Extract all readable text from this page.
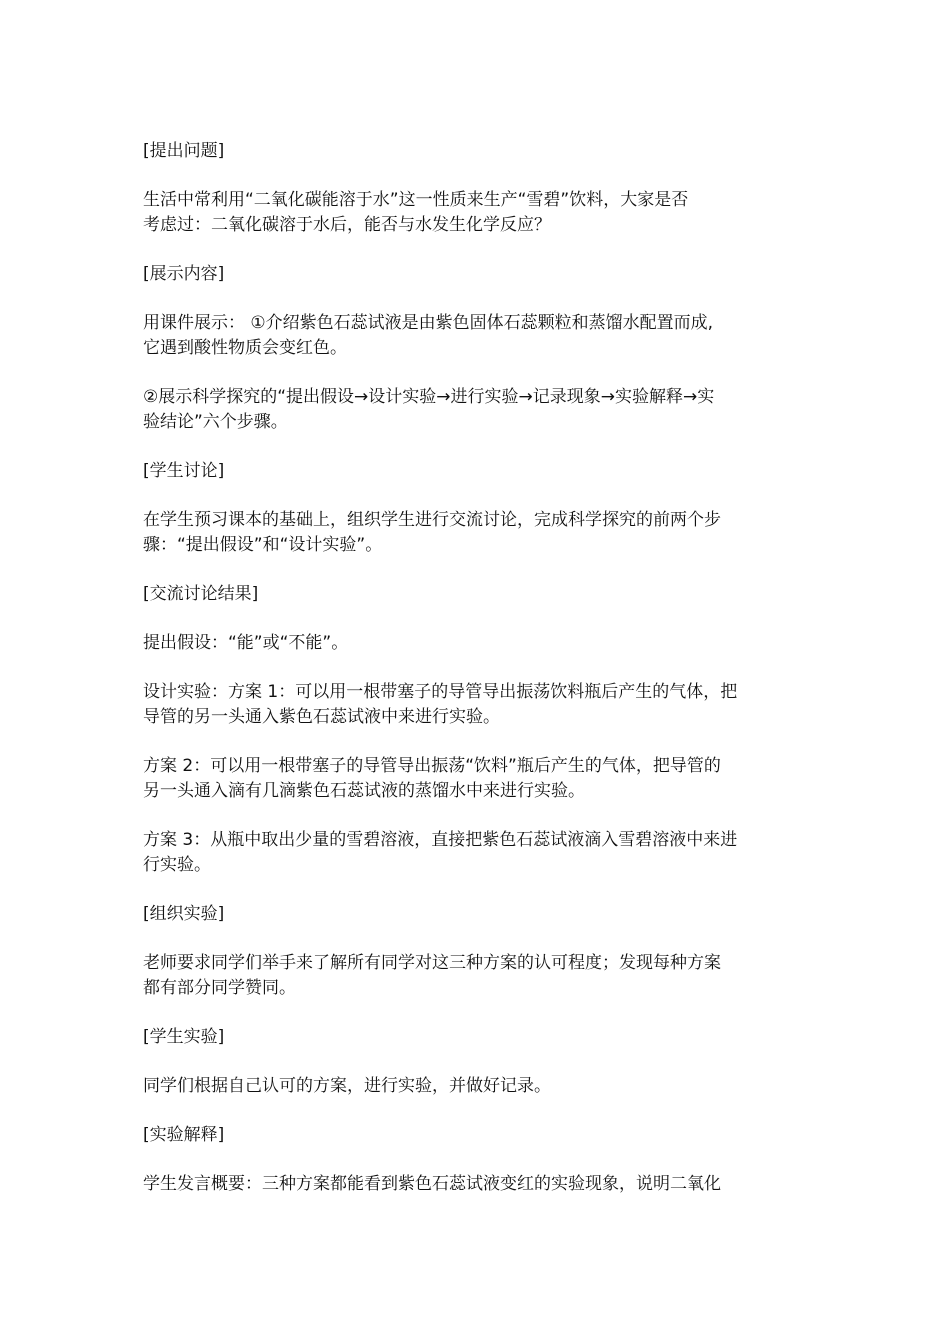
[提出问题]
生活中常利用“二氧化碳能溶于水”这一性质来生产“雪碧”饮料，大家是否
考虑过：二氧化碳溶于水后，能否与水发生化学反应？
[展示内容]
用课件展示： ①介绍紫色石蕊试液是由紫色固体石蕊颗粒和蒸馏水配置而成,
它遇到酸性物质会变红色。
②展示科学探究的“提出假设→设计实验→进行实验→记录现象→实验解释→实
验结论”六个步骤。
[学生讨论]
在学生预习课本的基础上，组织学生进行交流讨论，完成科学探究的前两个步
骤：“提出假设”和“设计实验”。
[交流讨论结果]
提出假设：“能”或“不能”。
设计实验：方案 1：可以用一根带塞子的导管导出振荡饮料瓶后产生的气体，把
导管的另一头通入紫色石蕊试液中来进行实验。
方案 2：可以用一根带塞子的导管导出振荡“饮料”瓶后产生的气体，把导管的
另一头通入滴有几滴紫色石蕊试液的蒸馏水中来进行实验。
方案 3：从瓶中取出少量的雪碧溶液，直接把紫色石蕊试液滴入雪碧溶液中来进
行实验。
[组织实验]
老师要求同学们举手来了解所有同学对这三种方案的认可程度；发现每种方案
都有部分同学赞同。
[学生实验]
同学们根据自己认可的方案，进行实验，并做好记录。
[实验解释]
学生发言概要：三种方案都能看到紫色石蕊试液变红的实验现象，说明二氧化
